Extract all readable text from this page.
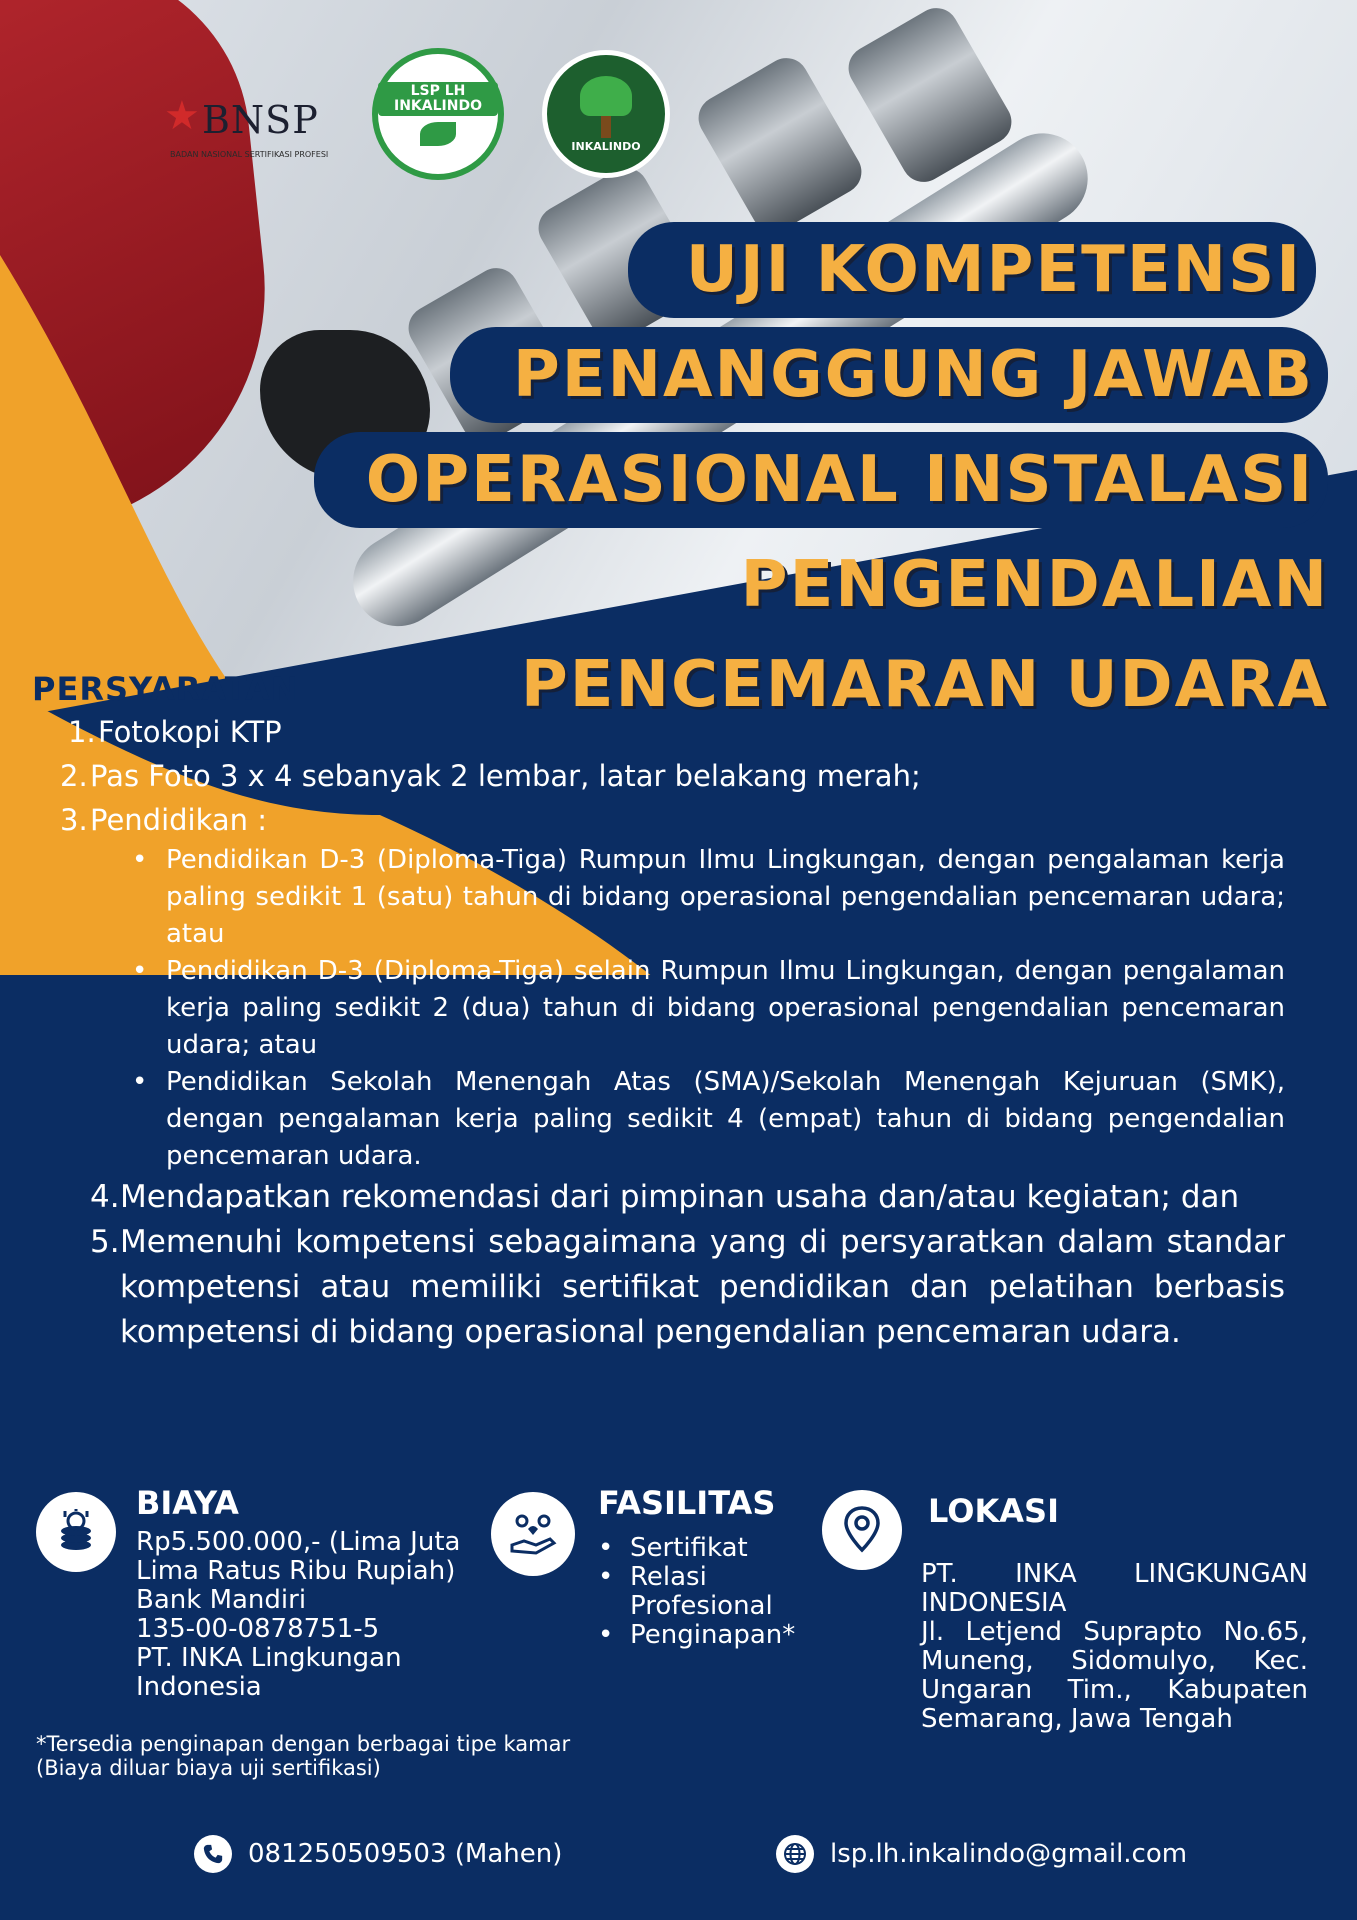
★ BNSP
BADAN NASIONAL SERTIFIKASI PROFESI
LSP LH INKALINDO
INKALINDO
UJI KOMPETENSI
PENANGGUNG JAWAB
OPERASIONAL INSTALASI
PENGENDALIAN
PENCEMARAN UDARA
PERSYARATAN
1. Fotokopi KTP
2. Pas Foto 3 x 4 sebanyak 2 lembar, latar belakang merah;
3. Pendidikan :
• Pendidikan D-3 (Diploma-Tiga) Rumpun Ilmu Lingkungan, dengan pengalaman kerja paling sedikit 1 (satu) tahun di bidang operasional pengendalian pencemaran udara; atau
• Pendidikan D-3 (Diploma-Tiga) selain Rumpun Ilmu Lingkungan, dengan pengalaman kerja paling sedikit 2 (dua) tahun di bidang operasional pengendalian pencemaran udara; atau
• Pendidikan Sekolah Menengah Atas (SMA)/Sekolah Menengah Kejuruan (SMK), dengan pengalaman kerja paling sedikit 4 (empat) tahun di bidang pengendalian pencemaran udara.
4. Mendapatkan rekomendasi dari pimpinan usaha dan/atau kegiatan; dan
5. Memenuhi kompetensi sebagaimana yang di persyaratkan dalam standar kompetensi atau memiliki sertifikat pendidikan dan pelatihan berbasis kompetensi di bidang operasional pengendalian pencemaran udara.
BIAYA
Rp5.500.000,- (Lima Juta
Lima Ratus Ribu Rupiah)
Bank Mandiri
135-00-0878751-5
PT. INKA Lingkungan
Indonesia
FASILITAS
• Sertifikat
• Relasi Profesional
• Penginapan*
LOKASI
PT. INKA LINGKUNGAN INDONESIA
Jl. Letjend Suprapto No.65, Muneng, Sidomulyo, Kec. Ungaran Tim., Kabupaten Semarang, Jawa Tengah
*Tersedia penginapan dengan berbagai tipe kamar
(Biaya diluar biaya uji sertifikasi)
081250509503 (Mahen)	lsp.lh.inkalindo@gmail.com
